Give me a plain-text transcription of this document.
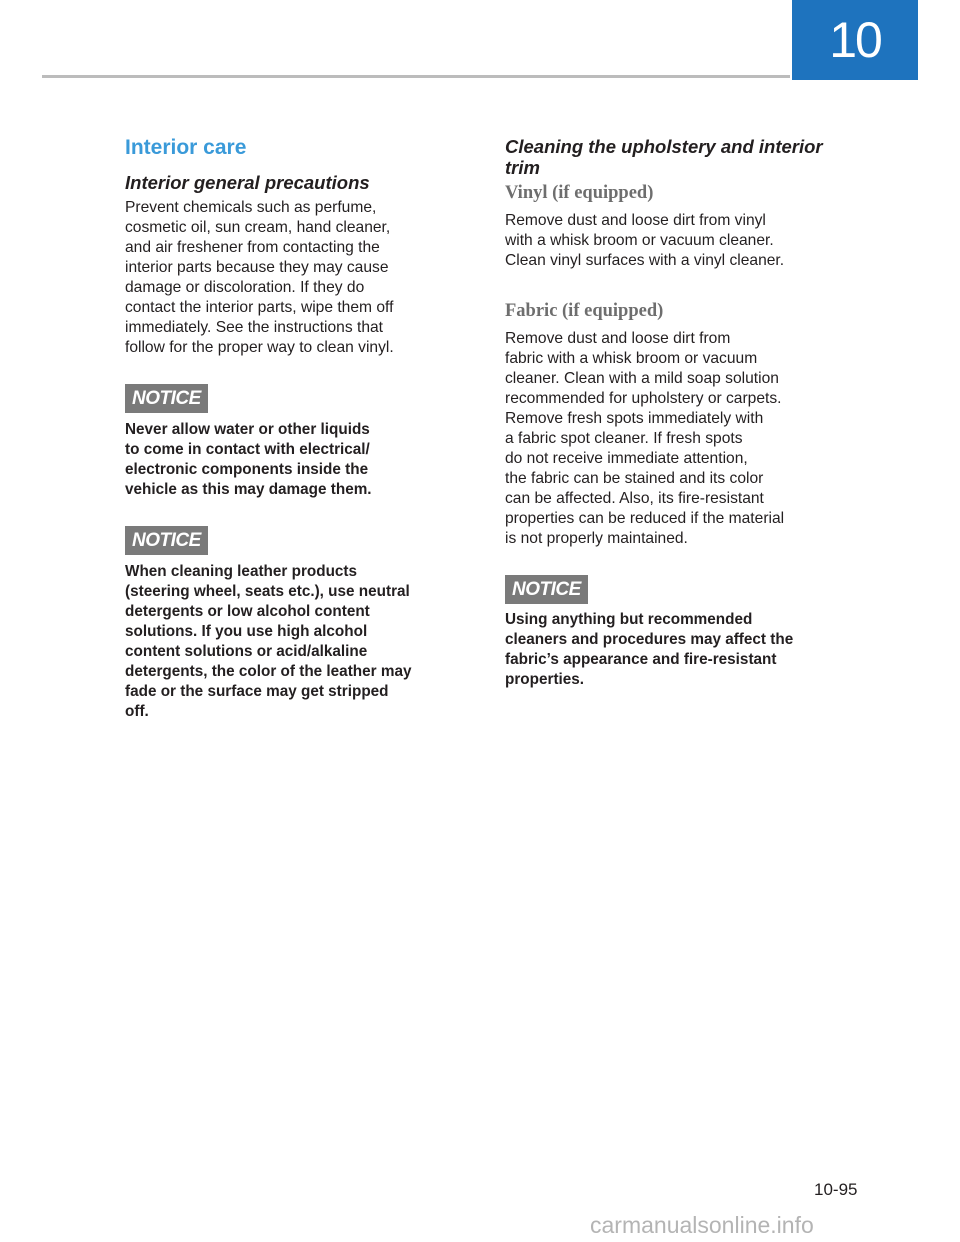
10
Interior care
Interior general precautions

Prevent chemicals such as perfume,
cosmetic oil, sun cream, hand cleaner,
and air freshener from contacting the
interior parts because they may cause
damage or discoloration. If they do
contact the interior parts, wipe them off
immediately. See the instructions that
follow for the proper way to clean vinyl.

NOTICE

Never allow water or other liquids
to come in contact with electrical/
electronic components inside the
vehicle as this may damage them.

NOTICE

When cleaning leather products
(steering wheel, seats etc.), use neutral
detergents or low alcohol content
solutions. If you use high alcohol
content solutions or acid/alkaline
detergents, the color of the leather may
fade or the surface may get stripped
off.

Cleaning the upholstery and interior
trim
Vinyl (if equipped)

Remove dust and loose dirt from vinyl
with a whisk broom or vacuum cleaner.
Clean vinyl surfaces with a vinyl cleaner.

Fabric (if equipped)

Remove dust and loose dirt from
fabric with a whisk broom or vacuum
cleaner. Clean with a mild soap solution
recommended for upholstery or carpets.
Remove fresh spots immediately with
a fabric spot cleaner. If fresh spots
do not receive immediate attention,
the fabric can be stained and its color
can be affected. Also, its fire-resistant
properties can be reduced if the material
is not properly maintained.

NOTICE

Using anything but recommended
cleaners and procedures may affect the
fabric’s appearance and fire-resistant
properties.

10-95
carmanualsonline.info
